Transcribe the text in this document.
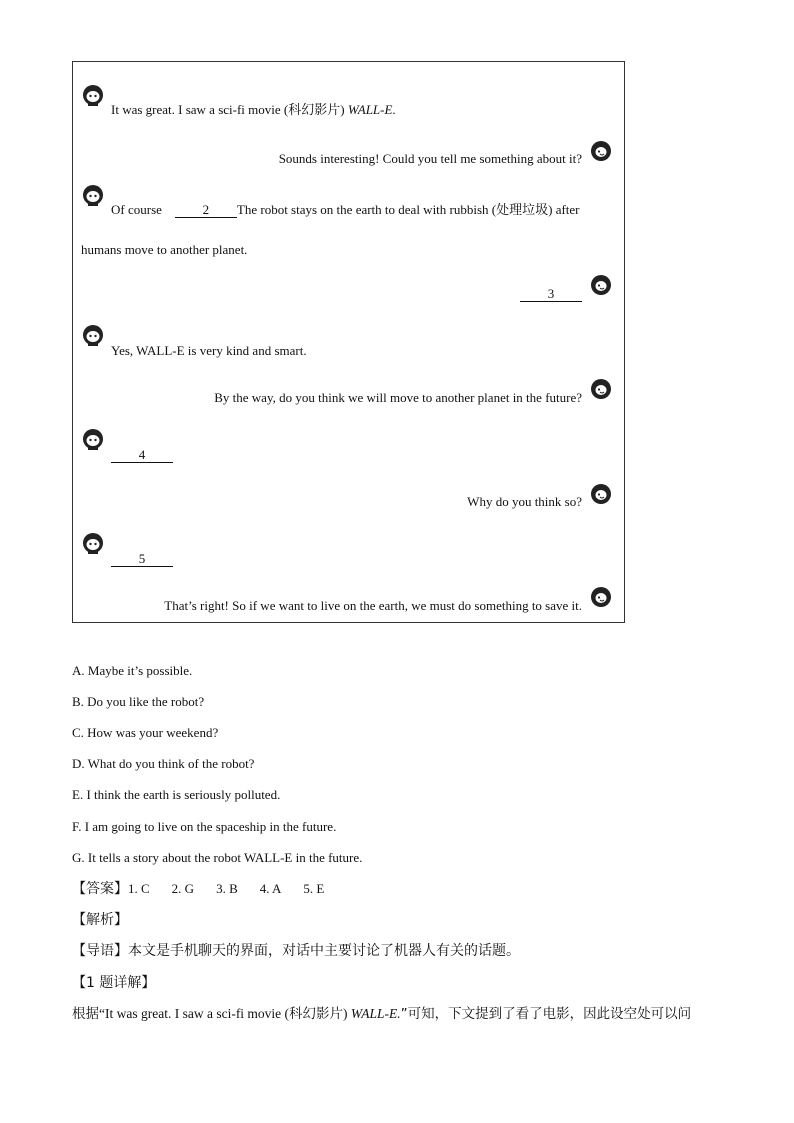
It was great. I saw a sci-fi movie (科幻影片) WALL-E.
Sounds interesting! Could you tell me something about it?
Of course	2 The robot stays on the earth to deal with rubbish (处理垃圾) after
humans move to another planet.
3
Yes, WALL-E is very kind and smart.
By the way, do you think we will move to another planet in the future?
4
Why do you think so?
5
That’s right! So if we want to live on the earth, we must do something to save it.
A. Maybe it’s possible.
B. Do you like the robot?
C. How was your weekend?
D. What do you think of the robot?
E. I think the earth is seriously polluted.
F. I am going to live on the spaceship in the future.
G. It tells a story about the robot WALL-E in the future.
【答案】1. C 2. G 3. B 4. A 5. E
【解析】
【导语】本文是手机聊天的界面，对话中主要讨论了机器人有关的话题。
【1 题详解】
根据“It was great. I saw a sci-fi movie (科幻影片) WALL-E.”可知，下文提到了看了电影，因此设空处可以问
